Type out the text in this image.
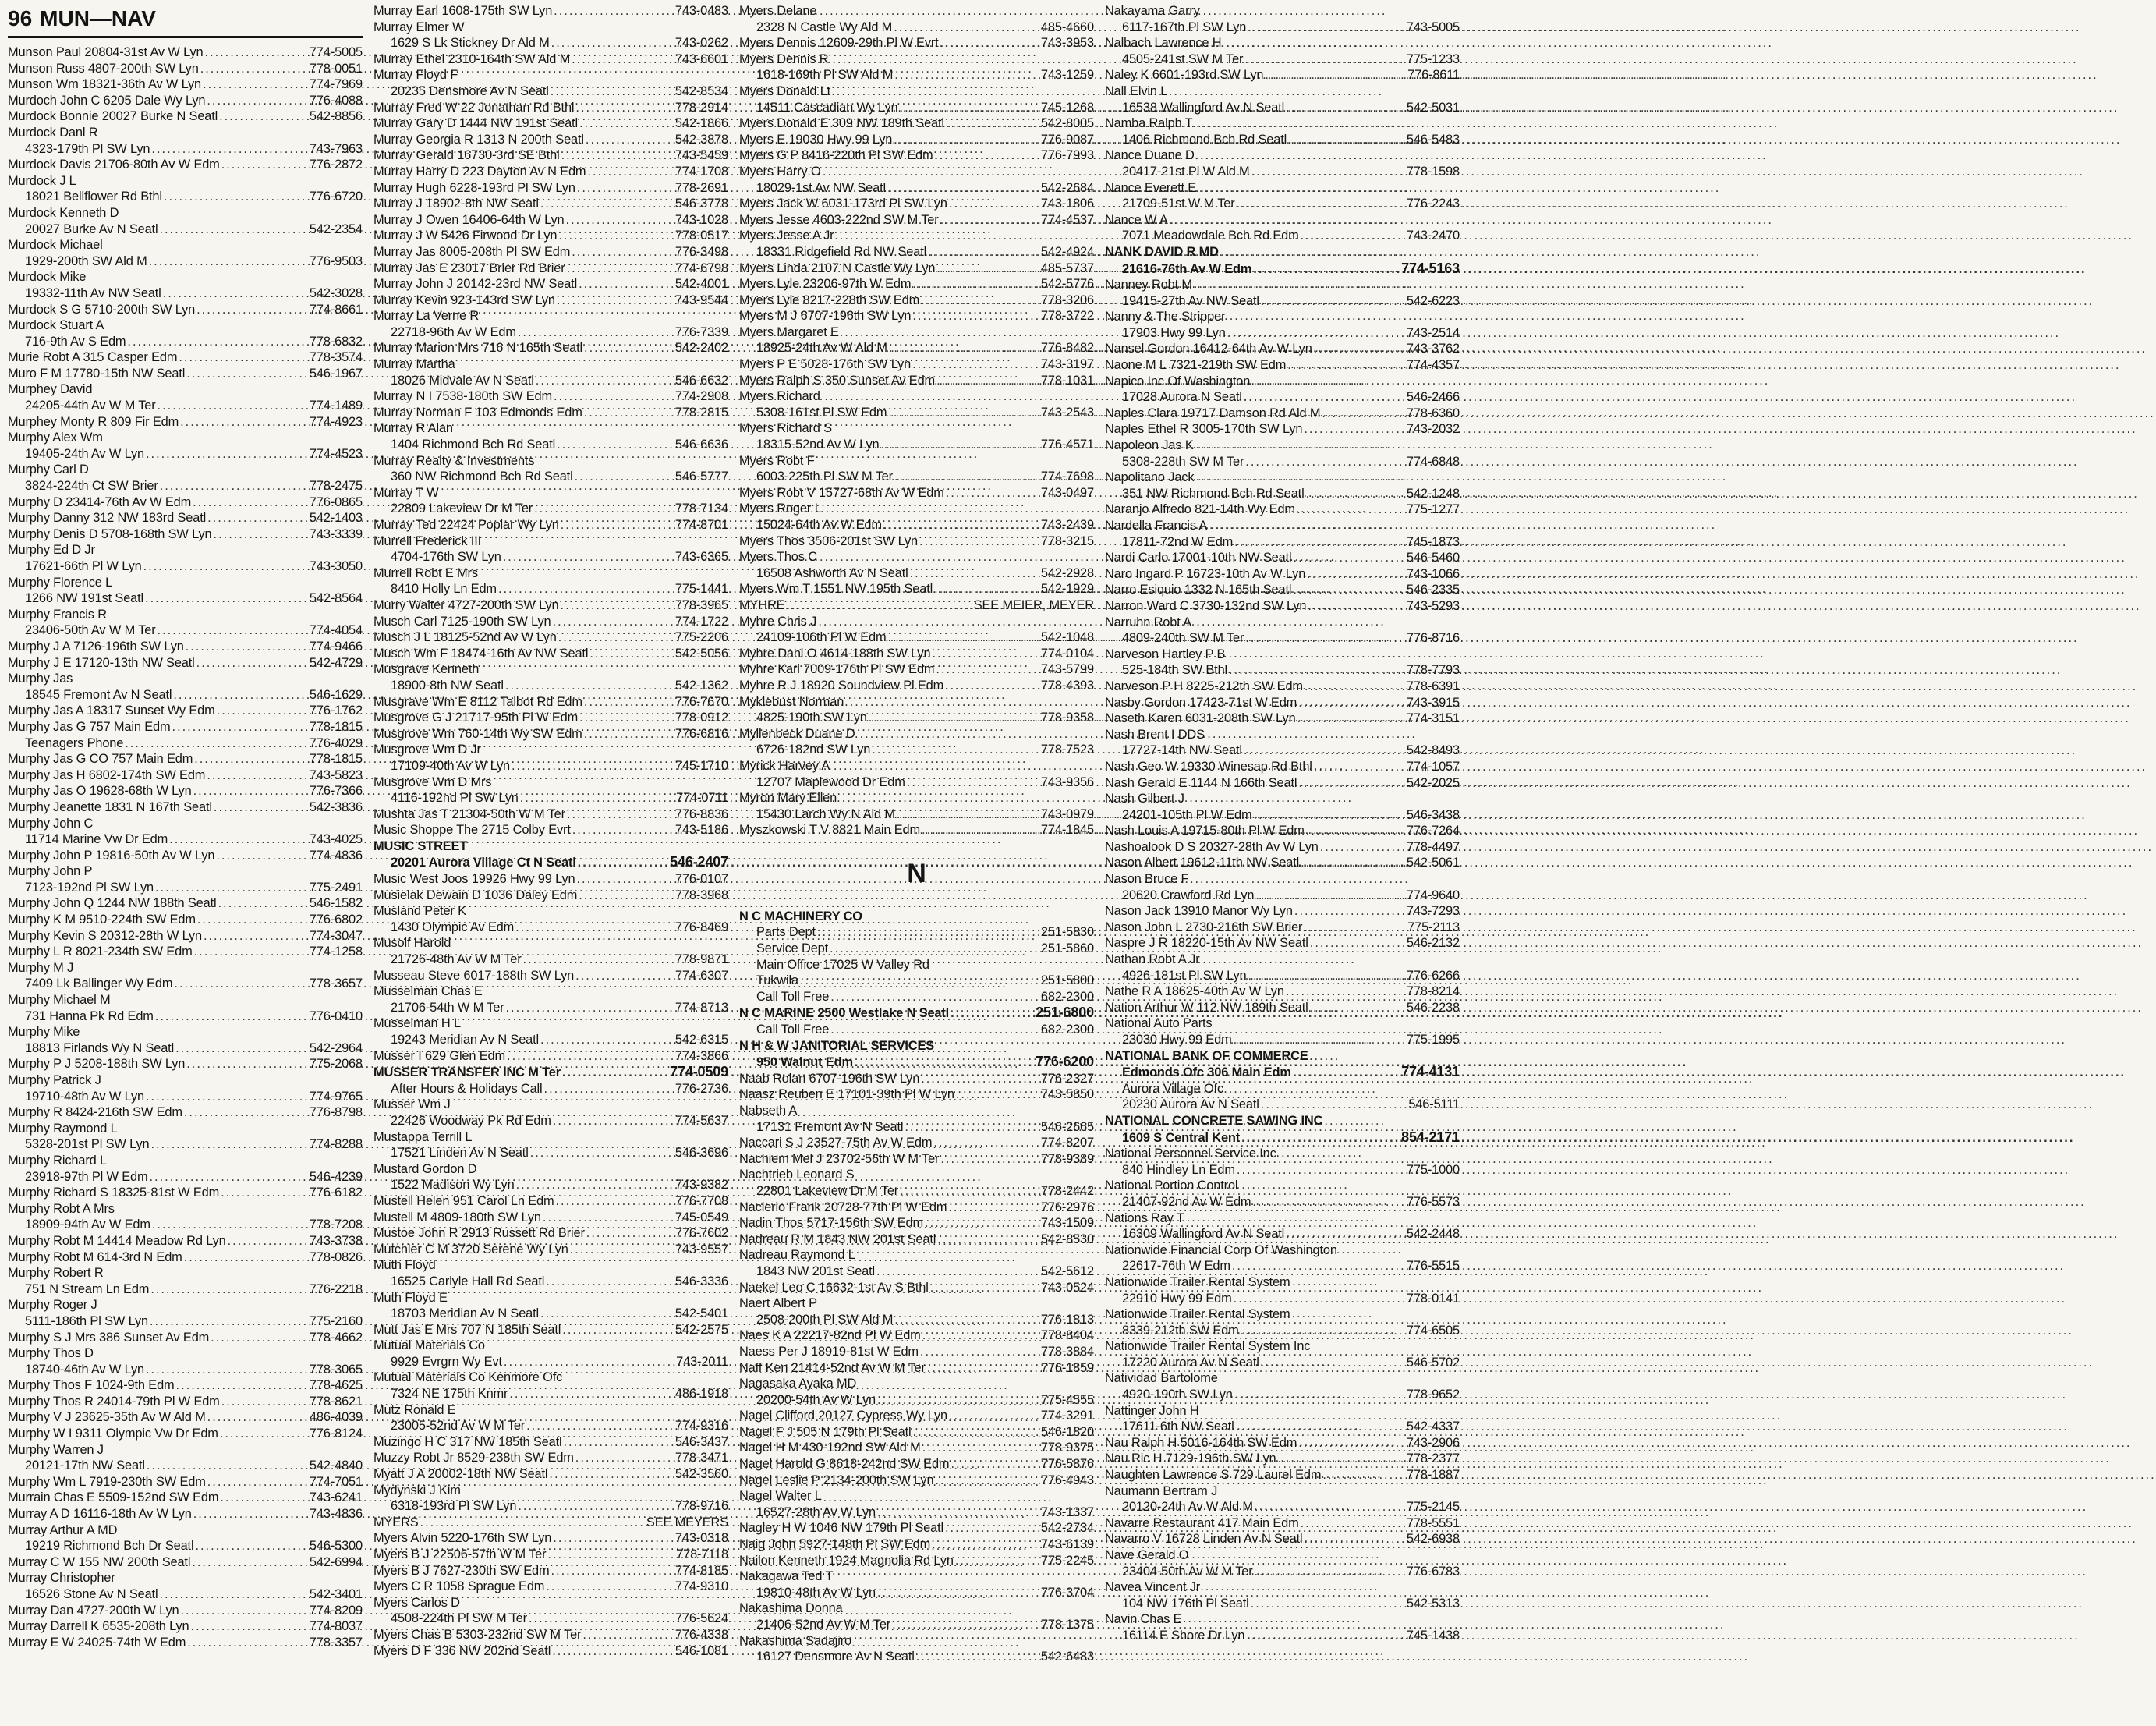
96 MUN—NAV
Munson Paul 20804-31st Av W Lyn .....	774-5005
Munson Russ 4807-200th SW Lyn .....	778-0051
Munson Wm 18321-36th Av W Lyn .....	774-7969
Murdoch John C 6205 Dale Wy Lyn .....	776-4088
Murdock Bonnie 20027 Burke N Seatl .....	542-8856
Murdock Danl R
4323-179th Pl SW Lyn .....	743-7963
Murdock Davis 21706-80th Av W Edm .....	776-2872
Murdock J L
18021 Bellflower Rd Bthl .....	776-6720
Murdock Kenneth D
20027 Burke Av N Seatl .....	542-2354
Murdock Michael
1929-200th SW Ald M .....	776-9503
Murdock Mike
19332-11th Av NW Seatl .....	542-3028
Murdock S G 5710-200th SW Lyn .....	774-8661
Murdock Stuart A
716-9th Av S Edm .....	778-6832
Murie Robt A 315 Casper Edm .....	778-3574
Muro F M 17780-15th NW Seatl .....	546-1967
Murphey David
24205-44th Av W M Ter .....	774-1489
Murphey Monty R 809 Fir Edm .....	774-4923
Murphy Alex Wm
19405-24th Av W Lyn .....	774-4523
Murphy Carl D
3824-224th Ct SW Brier .....	778-2475
Murphy D 23414-76th Av W Edm .....	776-0865
Murphy Danny 312 NW 183rd Seatl .....	542-1403
Murphy Denis D 5708-168th SW Lyn .....	743-3339
Murphy Ed D Jr
17621-66th Pl W Lyn .....	743-3050
Murphy Florence L
1266 NW 191st Seatl .....	542-8564
Murphy Francis R
23406-50th Av W M Ter .....	774-4054
Murphy J A 7126-196th SW Lyn .....	774-9466
Murphy J E 17120-13th NW Seatl .....	542-4729
Murphy Jas
18545 Fremont Av N Seatl .....	546-1629
Murphy Jas A 18317 Sunset Wy Edm .....	776-1762
Murphy Jas G 757 Main Edm .....	778-1815
Teenagers Phone .....	776-4029
Murphy Jas G CO 757 Main Edm .....	778-1815
Murphy Jas H 6802-174th SW Edm .....	743-5823
Murphy Jas O 19628-68th W Lyn .....	776-7366
Murphy Jeanette 1831 N 167th Seatl .....	542-3836
Murphy John C
11714 Marine Vw Dr Edm .....	743-4025
Murphy John P 19816-50th Av W Lyn .....	774-4836
Murphy John P
7123-192nd Pl SW Lyn .....	775-2491
Murphy John Q 1244 NW 188th Seatl .....	546-1582
Murphy K M 9510-224th SW Edm .....	776-6802
Murphy Kevin S 20312-28th W Lyn .....	774-3047
Murphy L R 8021-234th SW Edm .....	774-1258
Murphy M J
7409 Lk Ballinger Wy Edm .....	778-3657
Murphy Michael M
731 Hanna Pk Rd Edm .....	776-0410
Murphy Mike
18813 Firlands Wy N Seatl .....	542-2964
Murphy P J 5208-188th SW Lyn .....	775-2068
Murphy Patrick J
19710-48th Av W Lyn .....	774-9765
Murphy R 8424-216th SW Edm .....	776-8798
Murphy Raymond L
5328-201st Pl SW Lyn .....	774-8288
Murphy Richard L
23918-97th Pl W Edm .....	546-4239
Murphy Richard S 18325-81st W Edm .....	776-6182
Murphy Robt A Mrs
18909-94th Av W Edm .....	778-7208
Murphy Robt M 14414 Meadow Rd Lyn .....	743-3738
Murphy Robt M 614-3rd N Edm .....	778-0826
Murphy Robert R
751 N Stream Ln Edm .....	776-2218
Murphy Roger J
5111-186th Pl SW Lyn .....	775-2160
Murphy S J Mrs 386 Sunset Av Edm .....	778-4662
Murphy Thos D
18740-46th Av W Lyn .....	778-3065
Murphy Thos F 1024-9th Edm .....	778-4625
Murphy Thos R 24014-79th Pl W Edm .....	778-8621
Murphy V J 23625-35th Av W Ald M .....	486-4039
Murphy W I 9311 Olympic Vw Dr Edm .....	776-8124
Murphy Warren J
20121-17th NW Seatl .....	542-4840
Murphy Wm L 7919-230th SW Edm .....	774-7051
Murrain Chas E 5509-152nd SW Edm .....	743-6241
Murray A D 16116-18th Av W Lyn .....	743-4836
Murray Arthur A MD
19219 Richmond Bch Dr Seatl .....	546-5300
Murray C W 155 NW 200th Seatl .....	542-6994
Murray Christopher
16526 Stone Av N Seatl .....	542-3401
Murray Dan 4727-200th W Lyn .....	774-8209
Murray Darrell K 6535-208th Lyn .....	774-8037
Murray E W 24025-74th W Edm .....	778-3357
Murray Earl 1608-175th SW Lyn .....	743-0483
Murray Elmer W
1629 S Lk Stickney Dr Ald M .....	743-0262
Murray Ethel 2310-164th SW Ald M .....	743-6601
Murray Floyd F
20235 Densmore Av N Seatl .....	542-8534
Murray Fred W 22 Jonathan Rd Bthl .....	778-2914
Murray Gary D 1444 NW 191st Seatl .....	542-1866
Murray Georgia R 1313 N 200th Seatl .....	542-3878
Murray Gerald 16730-3rd SE Bthl .....	743-5459
Murray Harry D 223 Dayton Av N Edm .....	774-1708
Murray Hugh 6228-193rd Pl SW Lyn .....	778-2691
Murray J 18902-8th NW Seatl .....	546-3778
Murray J Owen 16406-64th W Lyn .....	743-1028
Murray J W 5426 Firwood Dr Lyn .....	778-0517
Murray Jas 8005-208th Pl SW Edm .....	776-3498
Murray Jas E 23017 Brier Rd Brier .....	774-6798
Murray John J 20142-23rd NW Seatl .....	542-4001
Murray Kevin 923-143rd SW Lyn .....	743-9544
Murray La Verne R
22718-96th Av W Edm .....	776-7339
Murray Marion Mrs 716 N 165th Seatl .....	542-2402
Murray Martha
18026 Midvale Av N Seatl .....	546-6632
Murray N I 7538-180th SW Edm .....	774-2908
Murray Norman F 103 Edmonds Edm .....	778-2815
Murray R Alan
1404 Richmond Bch Rd Seatl .....	546-6636
Murray Realty & Investments
360 NW Richmond Bch Rd Seatl .....	546-5777
Murray T W
22809 Lakeview Dr M Ter .....	778-7134
Murray Ted 22424 Poplar Wy Lyn .....	774-8701
Murrell Frederick III
4704-176th SW Lyn .....	743-6365
Murrell Robt E Mrs
8410 Holly Ln Edm .....	775-1441
Murry Walter 4727-200th SW Lyn .....	778-3965
Musch Carl 7125-190th SW Lyn .....	774-1722
Musch J L 18125-52nd Av W Lyn .....	775-2206
Musch Wm F 18474-16th Av NW Seatl .....	542-5056
Musgrave Kenneth
18900-8th NW Seatl .....	542-1362
Musgrave Wm E 8112 Talbot Rd Edm .....	776-7670
Musgrove G J 21717-95th Pl W Edm .....	778-0912
Musgrove Wm 760-14th Wy SW Edm .....	776-6816
Musgrove Wm D Jr
17109-40th Av W Lyn .....	745-1710
Musgrove Wm D Mrs
4116-192nd Pl SW Lyn .....	774-0711
Mushta Jas T 21304-50th W M Ter .....	776-8836
Music Shoppe The 2715 Colby Evrt .....	743-5186
MUSIC STREET
20201 Aurora Village Ct N Seatl .....	546-2407
Music West Joos 19926 Hwy 99 Lyn .....	776-0107
Musielak Dewain D 1036 Daley Edm .....	778-3968
Musland Peter K
1430 Olympic Av Edm .....	776-8469
Musolf Harold
21726-48th Av W M Ter .....	778-9871
Musseau Steve 6017-188th SW Lyn .....	774-6307
Musselman Chas E
21706-54th W M Ter .....	774-8713
Musselman H L
19243 Meridian Av N Seatl .....	542-6315
Musser I 629 Glen Edm .....	774-3866
MUSSER TRANSFER INC M Ter .....	774-0509
After Hours & Holidays Call .....	776-2736
Musser Wm J
22426 Woodway Pk Rd Edm .....	774-5637
Mustappa Terrill L
17521 Linden Av N Seatl .....	546-3696
Mustard Gordon D
1522 Madison Wy Lyn .....	743-9382
Mustell Helen 951 Carol Ln Edm .....	776-7708
Mustell M 4809-180th SW Lyn .....	745-0549
Mustoe John R 2913 Russett Rd Brier .....	776-7602
Mutchler C M 3720 Serene Wy Lyn .....	743-9557
Muth Floyd
16525 Carlyle Hall Rd Seatl .....	546-3336
Muth Floyd E
18703 Meridian Av N Seatl .....	542-5401
Mutt Jas E Mrs 707 N 185th Seatl .....	542-2575
Mutual Materials Co
9929 Evrgrn Wy Evt .....	743-2011
Mutual Materials Co Kenmore Ofc
7324 NE 175th Knmr .....	486-1918
Mutz Ronald E
23005-52nd Av W M Ter .....	774-9316
Muzingo H C 317 NW 185th Seatl .....	546-3437
Muzzy Robt Jr 8529-238th SW Edm .....	778-3471
Myatt J A 20002-18th NW Seatl .....	542-3560
Mydynski J Kim
6318-193rd Pl SW Lyn .....	778-9716
MYERS .....	SEE MEYERS
Myers Alvin 5220-176th SW Lyn .....	743-0318
Myers B J 22506-57th W M Ter .....	778-7118
Myers B J 7627-230th SW Edm .....	774-8185
Myers C R 1058 Sprague Edm .....	774-9310
Myers Carlos D
4508-224th Pl SW M Ter .....	776-5624
Myers Chas B 5303-232nd SW M Ter .....	776-4338
Myers D F 336 NW 202nd Seatl .....	546-1081
Myers Delane
2328 N Castle Wy Ald M .....	485-4660
Myers Dennis 12609-29th Pl W Evrt .....	743-3953
Myers Dennis R
1618-169th Pl SW Ald M .....	743-1259
Myers Donald Lt
14511 Cascadian Wy Lyn .....	745-1268
Myers Donald E 309 NW 189th Seatl .....	542-8005
Myers E 19030 Hwy 99 Lyn .....	776-9087
Myers G P 8416-220th Pl SW Edm .....	776-7993
Myers Harry O
18029-1st Av NW Seatl .....	542-2684
Myers Jack W 6031-173rd Pl SW Lyn .....	743-1806
Myers Jesse 4603-222nd SW M Ter .....	774-4537
Myers Jesse A Jr
18331 Ridgefield Rd NW Seatl .....	542-4924
Myers Linda 2107 N Castle Wy Lyn .....	485-5737
Myers Lyle 23206-97th W Edm .....	542-5776
Myers Lyle 8217-228th SW Edm .....	778-3206
Myers M J 6707-196th SW Lyn .....	778-3722
Myers Margaret E
18925-24th Av W Ald M .....	776-8482
Myers P E 5028-176th SW Lyn .....	743-3197
Myers Ralph S 350 Sunset Av Edm .....	778-1031
Myers Richard
5308-161st Pl SW Edm .....	743-2543
Myers Richard S
18315-52nd Av W Lyn .....	776-4571
Myers Robt F
6003-225th Pl SW M Ter .....	774-7698
Myers Robt V 15727-68th Av W Edm .....	743-0497
Myers Roger L
15024-64th Av W Edm .....	743-2439
Myers Thos 3506-201st SW Lyn .....	778-3215
Myers Thos C
16508 Ashworth Av N Seatl .....	542-2928
Myers Wm T 1551 NW 195th Seatl .....	542-1929
MYHRE .....	SEE MEIER, MEYER
Myhre Chris J
24109-106th Pl W Edm .....	542-1048
Myhre Danl O 4614-188th SW Lyn .....	774-0104
Myhre Karl 7009-176th Pl SW Edm .....	743-5799
Myhre R J 18920 Soundview Pl Edm .....	778-4393
Myklebust Norman
4825-190th SW Lyn .....	778-9358
Myllenbeck Duane D
6726-182nd SW Lyn .....	778-7523
Myrick Harvey A
12707 Maplewood Dr Edm .....	743-9356
Myron Mary Ellen
15430 Larch Wy N Ald M .....	743-0979
Myszkowski T V 8821 Main Edm .....	774-1845
N
N C MACHINERY CO
Parts Dept .....	251-5830
Service Dept .....	251-5860
Main Office 17025 W Valley Rd
Tukwila .....	251-5800
Call Toll Free .....	682-2300
N C MARINE 2500 Westlake N Seatl .....	251-6800
Call Toll Free .....	682-2300
N H & W JANITORIAL SERVICES
950 Walnut Edm .....	776-6200
Naab Rolan 6707-196th SW Lyn .....	776-2327
Naasz Reuben E 17101-39th Pl W Lyn .....	743-5850
Nabseth A
17131 Fremont Av N Seatl .....	546-2665
Naccari S J 23527-75th Av W Edm .....	774-8207
Nachiem Mel J 23702-56th W M Ter .....	778-9389
Nachtrieb Leonard S
22801 Lakeview Dr M Ter .....	778-2442
Naclerio Frank 20728-77th Pl W Edm .....	776-2976
Nadin Thos 5717-156th SW Edm .....	743-1509
Nadreau R M 1843 NW 201st Seatl .....	542-8530
Nadreau Raymond L
1843 NW 201st Seatl .....	542-5612
Naekel Leo C 16632-1st Av S Bthl .....	743-0524
Naert Albert P
2508-200th Pl SW Ald M .....	776-1813
Naes K A 22217-82nd Pl W Edm .....	778-8404
Naess Per J 18919-81st W Edm .....	778-3884
Naff Ken 21414-52nd Av W M Ter .....	776-1859
Nagasaka Ayaka MD
20200-54th Av W Lyn .....	775-4555
Nagel Clifford 20127 Cypress Wy Lyn .....	774-3291
Nagel F J 505 N 179th Pl Seatl .....	546-1820
Nagel H M 430-192nd SW Ald M .....	778-9375
Nagel Harold G 8618-242nd SW Edm .....	776-5876
Nagel Leslie P 2134-200th SW Lyn .....	776-4943
Nagel Walter L
16527-28th Av W Lyn .....	743-1337
Nagley H W 1046 NW 179th Pl Seatl .....	542-2734
Naig John 5927-148th Pl SW Edm .....	743-6139
Nailon Kenneth 1924 Magnolia Rd Lyn .....	775-2245
Nakagawa Ted T
19810-48th Av W Lyn .....	776-3704
Nakashima Donna
21406-52nd Av W M Ter .....	778-1375
Nakashima Sadajiro
16127 Densmore Av N Seatl .....	542-6483
Nakayama Garry
6117-167th Pl SW Lyn .....	743-5005
Nalbach Lawrence H
4505-241st SW M Ter .....	775-1233
Naley K 6601-193rd SW Lyn .....	776-8611
Nall Elvin L
16538 Wallingford Av N Seatl .....	542-5031
Namba Ralph T
1406 Richmond Bch Rd Seatl .....	546-5483
Nance Duane D
20417-21st Pl W Ald M .....	778-1598
Nance Everett E
21709-51st W M Ter .....	776-2243
Nance W A
7071 Meadowdale Bch Rd Edm .....	743-2470
NANK DAVID R MD
21616-76th Av W Edm .....	774-5163
Nanney Robt M
19415-27th Av NW Seatl .....	542-6223
Nanny & The Stripper
17903 Hwy 99 Lyn .....	743-2514
Nansel Gordon 16412-64th Av W Lyn .....	743-3762
Naone M L 7321-219th SW Edm .....	774-4357
Napico Inc Of Washington
17028 Aurora N Seatl .....	546-2466
Naples Clara 19717 Damson Rd Ald M .....	778-6360
Naples Ethel R 3005-170th SW Lyn .....	743-2032
Napoleon Jas K
5308-228th SW M Ter .....	774-6848
Napolitano Jack
351 NW Richmond Bch Rd Seatl .....	542-1248
Naranjo Alfredo 821-14th Wy Edm .....	775-1277
Nardella Francis A
17811-72nd W Edm .....	745-1873
Nardi Carlo 17001-10th NW Seatl .....	546-5460
Naro Ingard P 16723-10th Av W Lyn .....	743-1066
Narro Esiquio 1332 N 165th Seatl .....	546-2335
Narron Ward C 3730-132nd SW Lyn .....	743-5293
Narruhn Robt A
4809-240th SW M Ter .....	776-8716
Narveson Hartley P B
525-184th SW Bthl .....	778-7793
Narveson P H 8225-212th SW Edm .....	778-6391
Nasby Gordon 17423-71st W Edm .....	743-3915
Naseth Karen 6031-208th SW Lyn .....	774-3151
Nash Brent I DDS
17727-14th NW Seatl .....	542-8493
Nash Geo W 19330 Winesap Rd Bthl .....	774-1057
Nash Gerald E 1144 N 166th Seatl .....	542-2025
Nash Gilbert J
24201-105th Pl W Edm .....	546-3438
Nash Louis A 19715-80th Pl W Edm .....	776-7264
Nashoalook D S 20327-28th Av W Lyn .....	778-4497
Nason Albert 19612-11th NW Seatl .....	542-5061
Nason Bruce F
20620 Crawford Rd Lyn .....	774-9640
Nason Jack 13910 Manor Wy Lyn .....	743-7293
Nason John L 2730-216th SW Brier .....	775-2113
Naspre J R 18220-15th Av NW Seatl .....	546-2132
Nathan Robt A Jr
4926-181st Pl SW Lyn .....	776-6266
Nathe R A 18625-40th Av W Lyn .....	778-8214
Nation Arthur W 112 NW 189th Seatl .....	546-2238
National Auto Parts
23030 Hwy 99 Edm .....	775-1995
NATIONAL BANK OF COMMERCE
Edmonds Ofc 306 Main Edm .....	774-4131
Aurora Village Ofc
20230 Aurora Av N Seatl .....	546-5111
NATIONAL CONCRETE SAWING INC
1609 S Central Kent .....	854-2171
National Personnel Service Inc
840 Hindley Ln Edm .....	775-1000
National Portion Control
21407-92nd Av W Edm .....	776-5573
Nations Ray T
16309 Wallingford Av N Seatl .....	542-2448
Nationwide Financial Corp Of Washington
22617-76th W Edm .....	776-5515
Nationwide Trailer Rental System
22910 Hwy 99 Edm .....	778-0141
Nationwide Trailer Rental System
8339-212th SW Edm .....	774-6505
Nationwide Trailer Rental System Inc
17220 Aurora Av N Seatl .....	546-5702
Natividad Bartolome
4920-190th SW Lyn .....	778-9652
Nattinger John H
17611-6th NW Seatl .....	542-4337
Nau Ralph H 5016-164th SW Edm .....	743-2906
Nau Ric H 7129-196th SW Lyn .....	778-2377
Naughten Lawrence S 729 Laurel Edm .....	778-1887
Naumann Bertram J
20120-24th Av W Ald M .....	775-2145
Navarre Restaurant 417 Main Edm .....	778-5551
Navarro V 16728 Linden Av N Seatl .....	542-6938
Nave Gerald O
23404-50th Av W M Ter .....	776-6783
Navea Vincent Jr
104 NW 176th Pl Seatl .....	542-5313
Navin Chas E
16114 E Shore Dr Lyn .....	745-1438
